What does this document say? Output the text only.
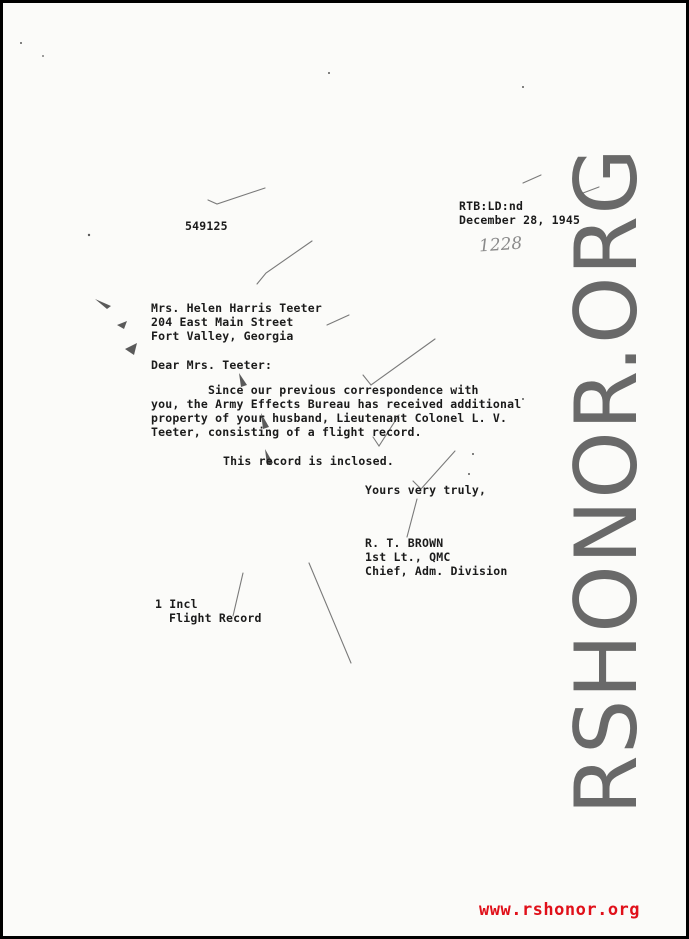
549125
RTB:LD:nd
December 28, 1945
1228
Mrs. Helen Harris Teeter
204 East Main Street
Fort Valley, Georgia
Dear Mrs. Teeter:
Since our previous correspondence with
you, the Army Effects Bureau has received additional
property of your husband, Lieutenant Colonel L. V.
Teeter, consisting of a flight record.
This record is inclosed.
Yours very truly,
R. T. BROWN
1st Lt., QMC
Chief, Adm. Division
1 Incl
Flight Record	RSHONOR.ORG
www.rshonor.org
